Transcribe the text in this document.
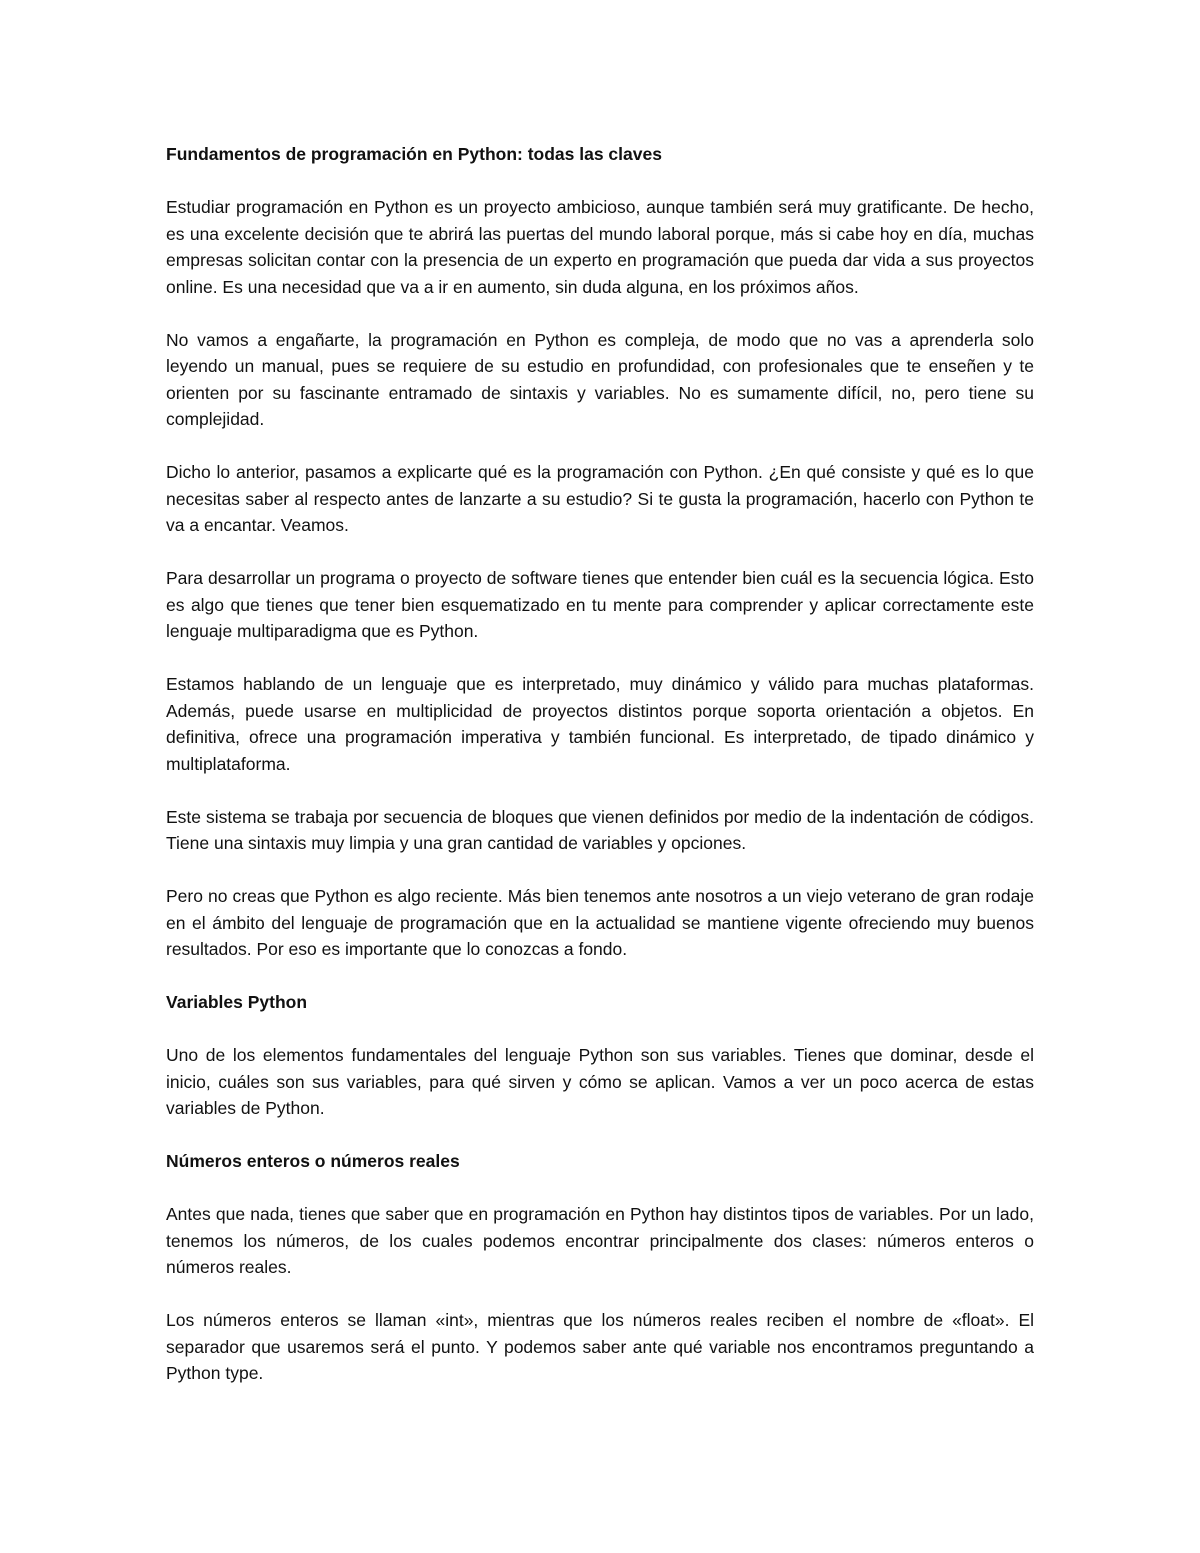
Fundamentos de programación en Python: todas las claves

Estudiar programación en Python es un proyecto ambicioso, aunque también será muy gratificante. De hecho, es una excelente decisión que te abrirá las puertas del mundo laboral porque, más si cabe hoy en día, muchas empresas solicitan contar con la presencia de un experto en programación que pueda dar vida a sus proyectos online. Es una necesidad que va a ir en aumento, sin duda alguna, en los próximos años.

No vamos a engañarte, la programación en Python es compleja, de modo que no vas a aprenderla solo leyendo un manual, pues se requiere de su estudio en profundidad, con profesionales que te enseñen y te orienten por su fascinante entramado de sintaxis y variables. No es sumamente difícil, no, pero tiene su complejidad.

Dicho lo anterior, pasamos a explicarte qué es la programación con Python. ¿En qué consiste y qué es lo que necesitas saber al respecto antes de lanzarte a su estudio? Si te gusta la programación, hacerlo con Python te va a encantar. Veamos.

Para desarrollar un programa o proyecto de software tienes que entender bien cuál es la secuencia lógica. Esto es algo que tienes que tener bien esquematizado en tu mente para comprender y aplicar correctamente este lenguaje multiparadigma que es Python.

Estamos hablando de un lenguaje que es interpretado, muy dinámico y válido para muchas plataformas. Además, puede usarse en multiplicidad de proyectos distintos porque soporta orientación a objetos. En definitiva, ofrece una programación imperativa y también funcional. Es interpretado, de tipado dinámico y multiplataforma.

Este sistema se trabaja por secuencia de bloques que vienen definidos por medio de la indentación de códigos. Tiene una sintaxis muy limpia y una gran cantidad de variables y opciones.

Pero no creas que Python es algo reciente. Más bien tenemos ante nosotros a un viejo veterano de gran rodaje en el ámbito del lenguaje de programación que en la actualidad se mantiene vigente ofreciendo muy buenos resultados. Por eso es importante que lo conozcas a fondo.

Variables Python

Uno de los elementos fundamentales del lenguaje Python son sus variables. Tienes que dominar, desde el inicio, cuáles son sus variables, para qué sirven y cómo se aplican. Vamos a ver un poco acerca de estas variables de Python.

Números enteros o números reales

Antes que nada, tienes que saber que en programación en Python hay distintos tipos de variables. Por un lado, tenemos los números, de los cuales podemos encontrar principalmente dos clases: números enteros o números reales.

Los números enteros se llaman «int», mientras que los números reales reciben el nombre de «float». El separador que usaremos será el punto. Y podemos saber ante qué variable nos encontramos preguntando a Python type.
